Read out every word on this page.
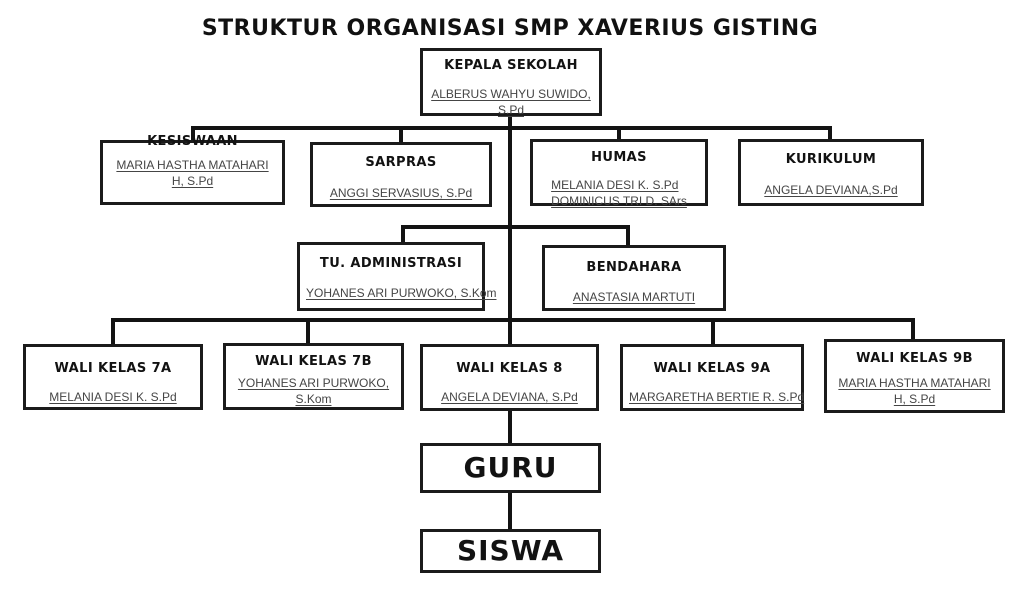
STRUKTUR ORGANISASI SMP XAVERIUS GISTING
KEPALA SEKOLAH
ALBERUS WAHYU SUWIDO, S.Pd
KESISWAAN
MARIA HASTHA MATAHARI H, S.Pd
SARPRAS
ANGGI SERVASIUS, S.Pd
HUMAS
MELANIA DESI K. S.Pd
DOMINICUS TRI D. SArs
KURIKULUM
ANGELA DEVIANA,S.Pd
TU. ADMINISTRASI
YOHANES ARI PURWOKO, S.Kom
BENDAHARA
ANASTASIA MARTUTI
WALI KELAS 7A
MELANIA DESI K. S.Pd
WALI KELAS 7B
YOHANES ARI PURWOKO, S.Kom
WALI KELAS 8
ANGELA DEVIANA, S.Pd
WALI KELAS 9A
MARGARETHA BERTIE R. S.Pd
WALI KELAS 9B
MARIA HASTHA MATAHARI H, S.Pd
GURU
SISWA
